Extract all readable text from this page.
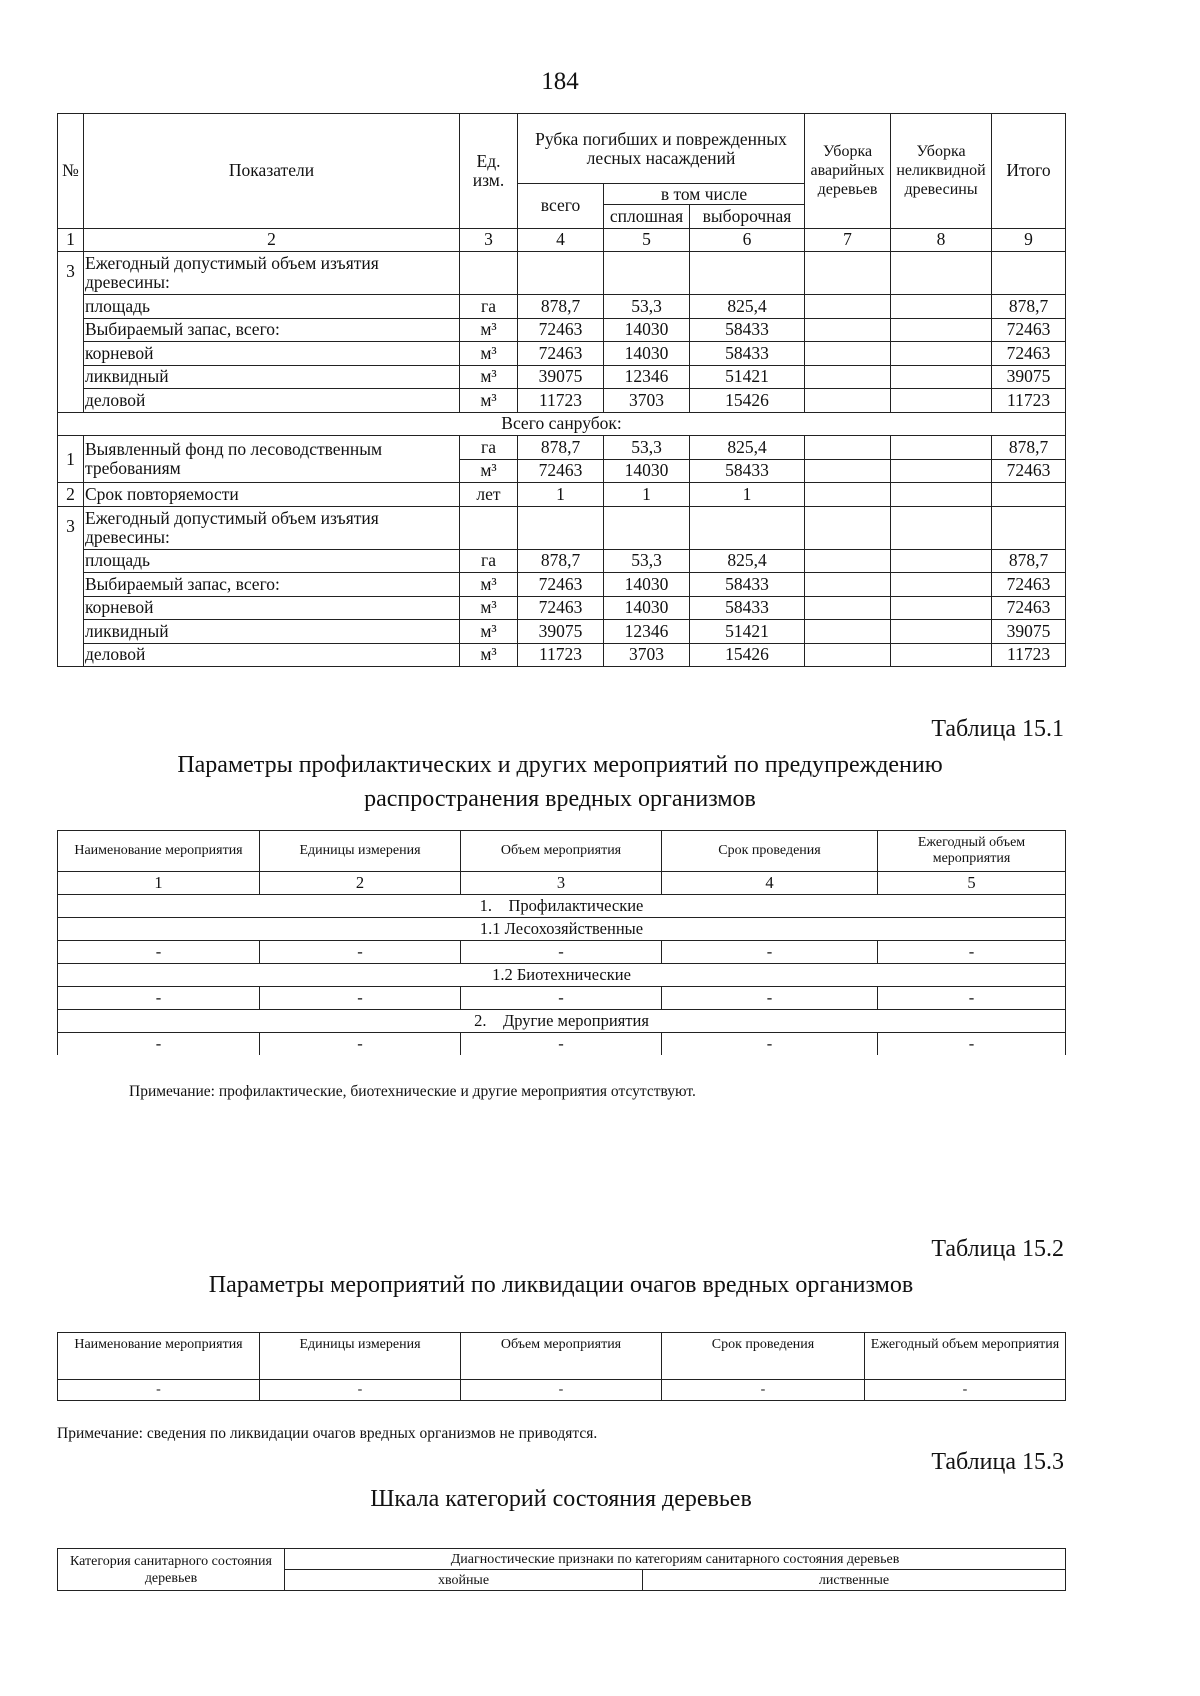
184
№	Показатели	Ед. изм.	Рубка погибших и поврежденных лесных насаждений			Уборка аварийных деревьев	Уборка неликвидной древесины	Итого
			всего	в том числе				
				сплошная	выборочная			
1	2	3	4	5	6	7	8	9
3	Ежегодный допустимый объем изъятия древесины:							
	площадь	га	878,7	53,3	825,4			878,7
	Выбираемый запас, всего:	м³	72463	14030	58433			72463
	корневой	м³	72463	14030	58433			72463
	ликвидный	м³	39075	12346	51421			39075
	деловой	м³	11723	3703	15426			11723
Всего санрубок:								
1	Выявленный фонд по лесоводственным требованиям	га	878,7	53,3	825,4			878,7
		м³	72463	14030	58433			72463
2	Срок повторяемости	лет	1	1	1			
3	Ежегодный допустимый объем изъятия древесины:							
	площадь	га	878,7	53,3	825,4			878,7
	Выбираемый запас, всего:	м³	72463	14030	58433			72463
	корневой	м³	72463	14030	58433			72463
	ликвидный	м³	39075	12346	51421			39075
	деловой	м³	11723	3703	15426			11723
Таблица 15.1
Параметры профилактических и других мероприятий по предупреждению распространения вредных организмов
Наименование мероприятия	Единицы измерения	Объем мероприятия	Срок проведения	Ежегодный объем мероприятия
1	2	3	4	5
1.    Профилактические				
1.1 Лесохозяйственные				
-	-	-	-	-
1.2 Биотехнические				
-	-	-	-	-
2.    Другие мероприятия				
-	-	-	-	-
Примечание: профилактические, биотехнические и другие мероприятия отсутствуют.
Таблица 15.2
Параметры мероприятий по ликвидации очагов вредных организмов
Наименование мероприятия	Единицы измерения	Объем мероприятия	Срок проведения	Ежегодный объем мероприятия
-	-	-	-	-
Примечание: сведения по ликвидации очагов вредных организмов не приводятся.
Таблица 15.3
Шкала категорий состояния деревьев
Категория санитарного состояния деревьев	Диагностические признаки по категориям санитарного состояния деревьев	
	хвойные	лиственные
